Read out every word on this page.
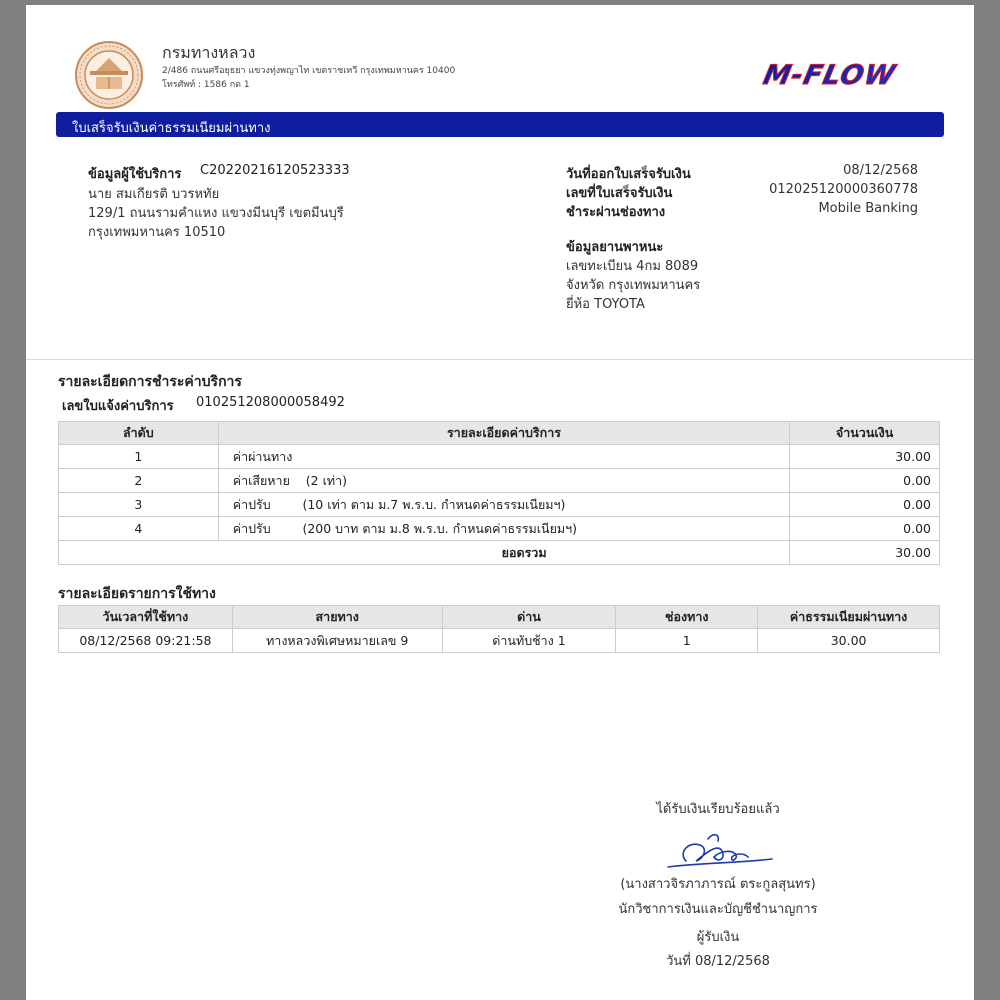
กรมทางหลวง
2/486 ถนนศรีอยุธยา แขวงทุ่งพญาไท เขตราชเทวี กรุงเทพมหานคร 10400
โทรศัพท์ : 1586 กด 1	M-FLOW
ใบเสร็จรับเงินค่าธรรมเนียมผ่านทาง
ข้อมูลผู้ใช้บริการ C20220216120523333
นาย สมเกียรติ บวรหทัย
129/1 ถนนรามคำแหง แขวงมีนบุรี เขตมีนบุรี
กรุงเทพมหานคร 10510
วันที่ออกใบเสร็จรับเงิน	08/12/2568
เลขที่ใบเสร็จรับเงิน	012025120000360778
ชำระผ่านช่องทาง	Mobile Banking
ข้อมูลยานพาหนะ
เลขทะเบียน 4กม 8089
จังหวัด กรุงเทพมหานคร
ยี่ห้อ TOYOTA
รายละเอียดการชำระค่าบริการ
เลขใบแจ้งค่าบริการ 010251208000058492
ลำดับ	รายละเอียดค่าบริการ	จำนวนเงิน
1	ค่าผ่านทาง	30.00
2	ค่าเสียหาย    (2 เท่า)	0.00
3	ค่าปรับ        (10 เท่า ตาม ม.7 พ.ร.บ. กำหนดค่าธรรมเนียมฯ)	0.00
4	ค่าปรับ        (200 บาท ตาม ม.8 พ.ร.บ. กำหนดค่าธรรมเนียมฯ)	0.00
ยอดรวม		30.00
รายละเอียดรายการใช้ทาง
วันเวลาที่ใช้ทาง	สายทาง	ด่าน	ช่องทาง	ค่าธรรมเนียมผ่านทาง
08/12/2568 09:21:58	ทางหลวงพิเศษหมายเลข 9	ด่านทับช้าง 1	1	30.00
ได้รับเงินเรียบร้อยแล้ว
(นางสาวจิรภาภารณ์ ตระกูลสุนทร)
นักวิชาการเงินและบัญชีชำนาญการ
ผู้รับเงิน
วันที่ 08/12/2568
